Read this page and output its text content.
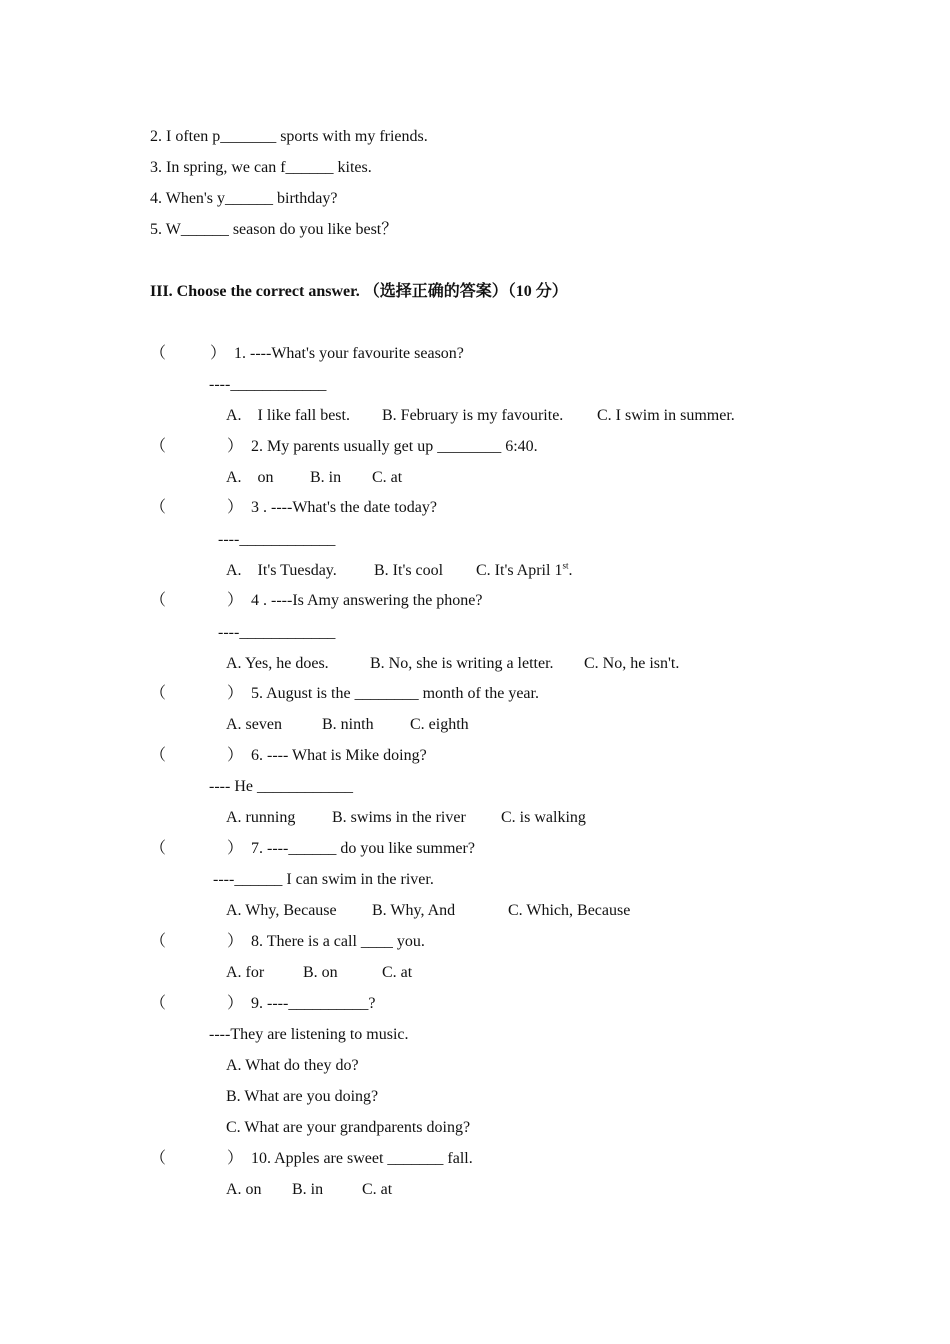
2. I often p_______ sports with my friends.
3. In spring, we can f______ kites.
4. When's y______ birthday?
5. W______ season do you like best？
III. Choose the correct answer. （选择正确的答案）（10 分）
（	） 1. ----What's your favourite season?
----____________
A.    I like fall best. B. February is my favourite. C. I swim in summer.
（	） 2. My parents usually get up ________ 6:40.
A.    on B. in C. at
（	） 3 . ----What's the date today?
----____________
A.    It's Tuesday. B. It's cool C. It's April 1st.
（	） 4 . ----Is Amy answering the phone?
----____________
A. Yes, he does.	B. No, she is writing a letter. C. No, he isn't.
（	） 5. August is the ________ month of the year.
A. seven	B. ninth C. eighth
（	） 6. ---- What is Mike doing?
---- He ____________
A. running B. swims in the river C. is walking
（	） 7. ----______ do you like summer?
----______ I can swim in the river.
A. Why, Because B. Why, And	C. Which, Because
（	） 8. There is a call ____ you.
A. for B. on	C. at
（	） 9. ----__________?
----They are listening to music.
A. What do they do?
B. What are you doing?
C. What are your grandparents doing?
（	） 10. Apples are sweet _______ fall.
A. on B. in C. at
